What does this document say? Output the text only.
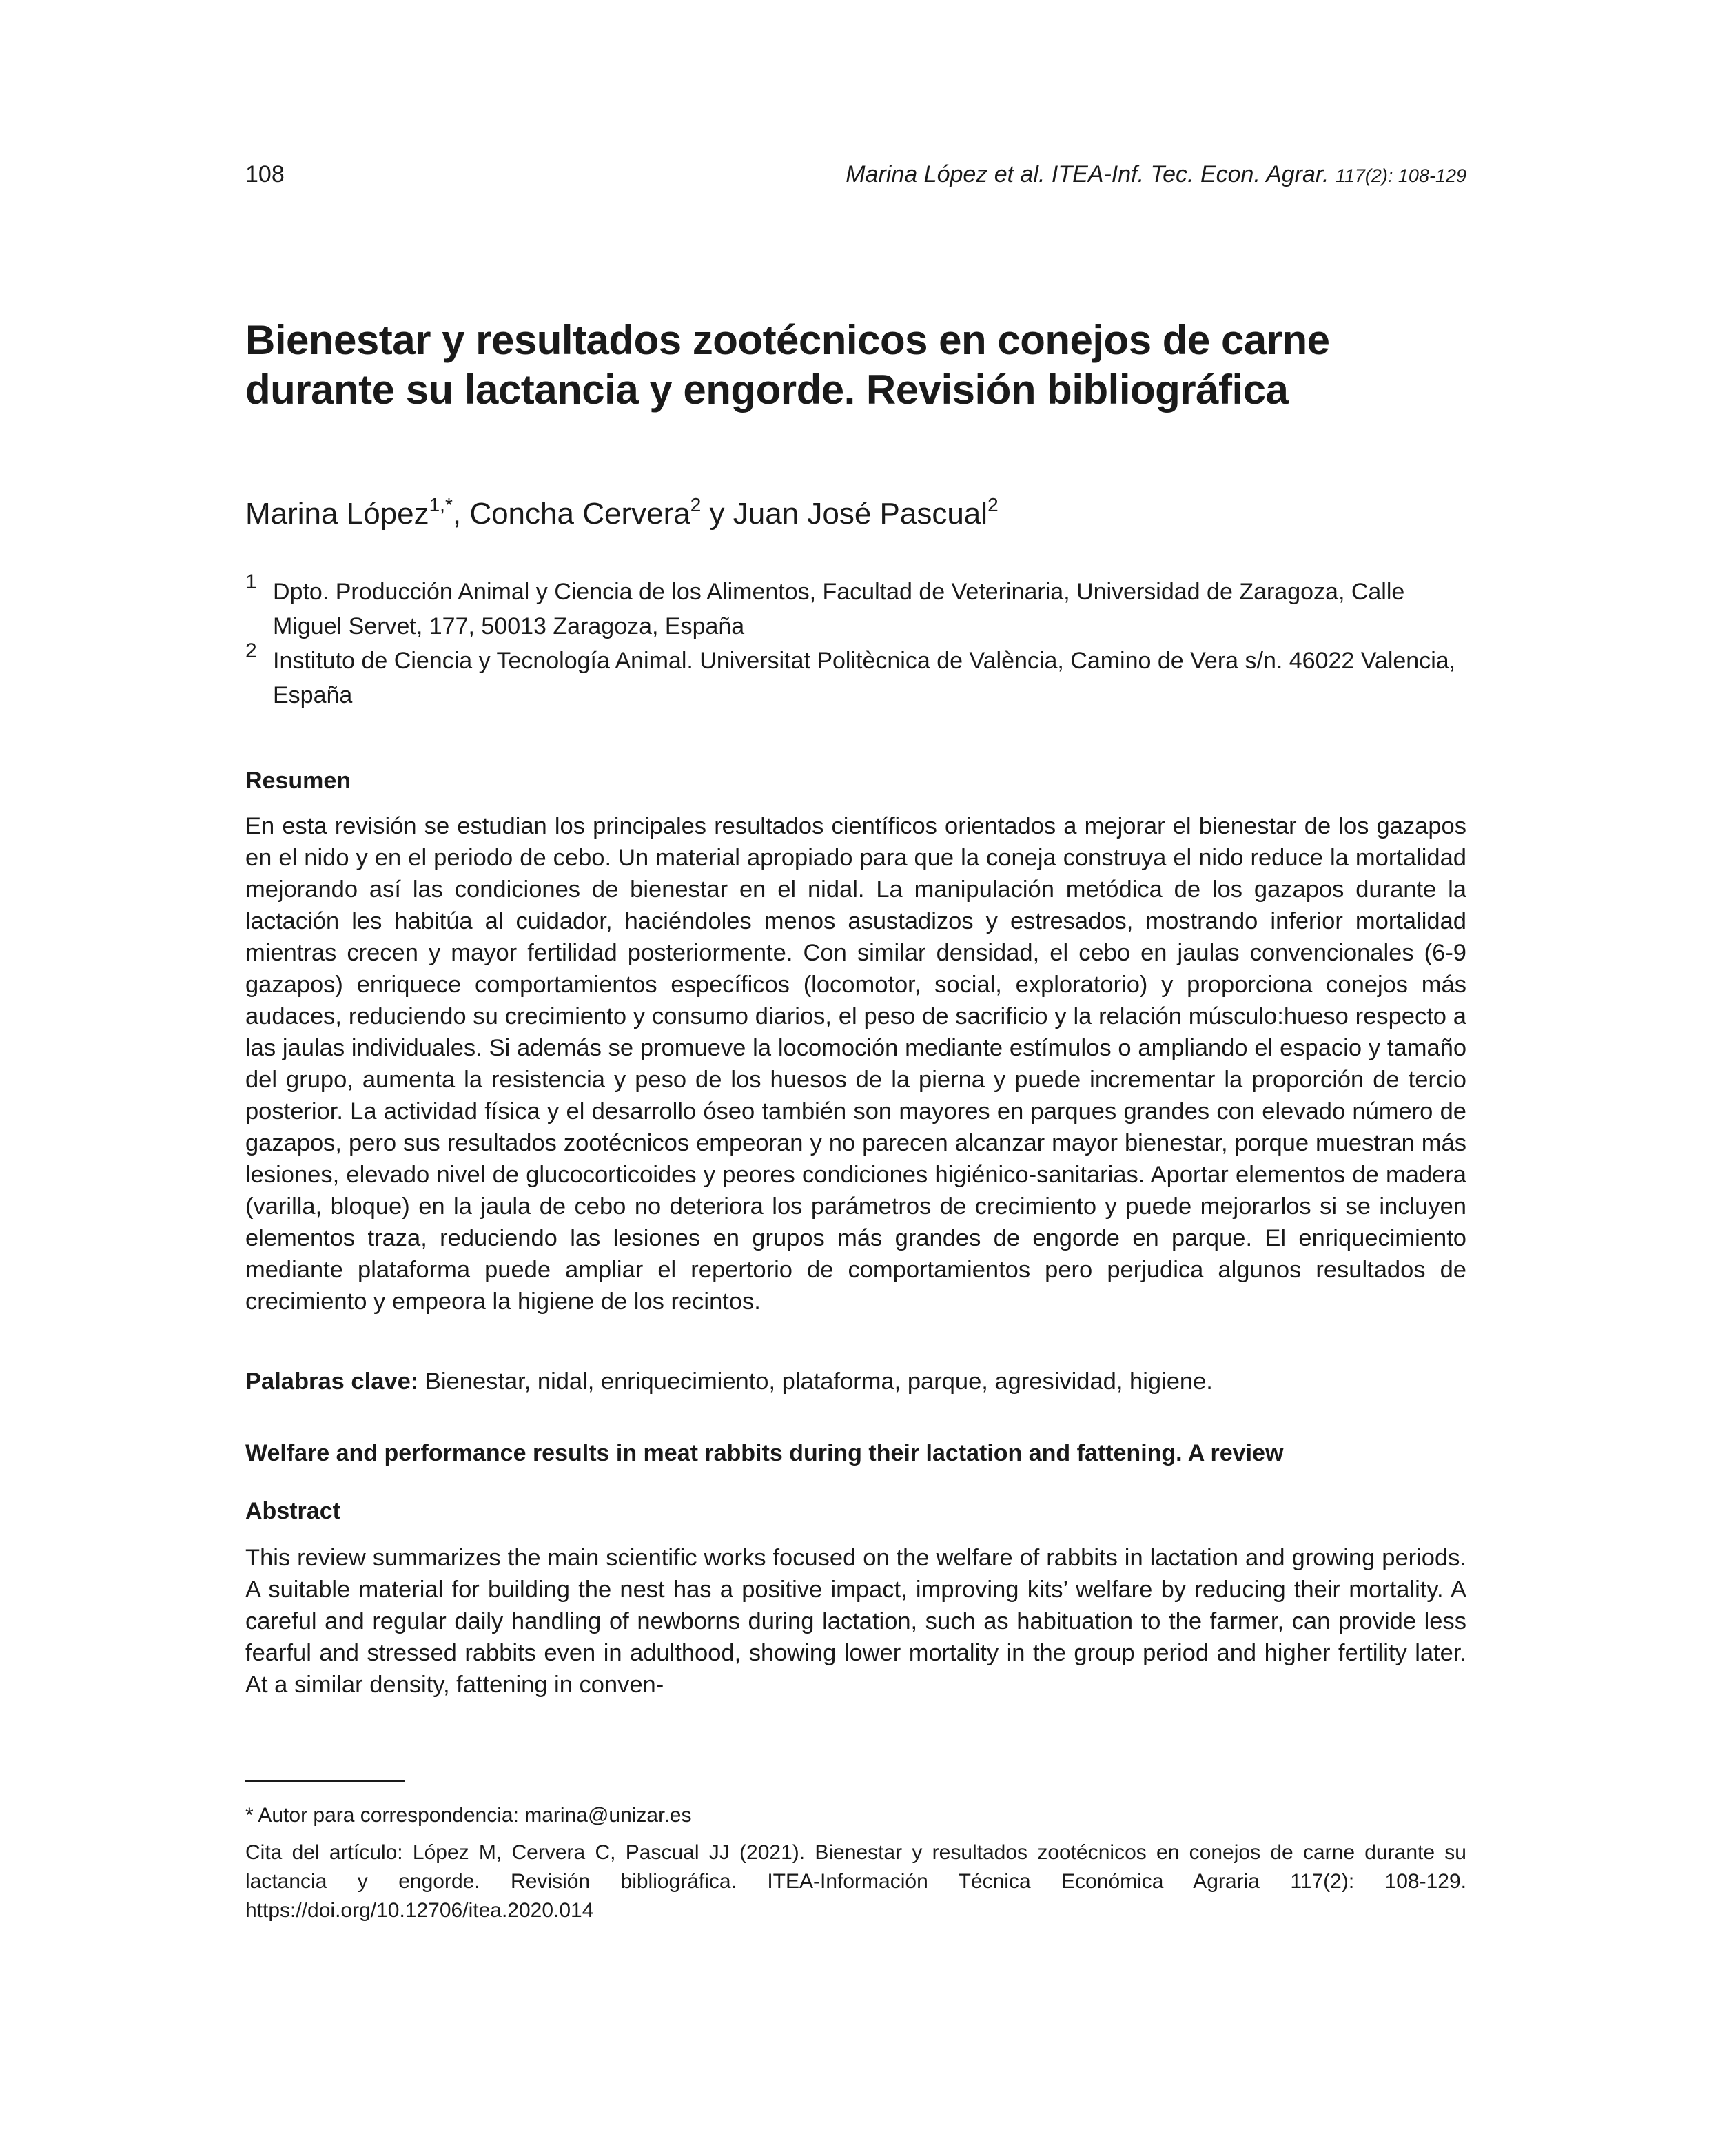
108	Marina López et al. ITEA-Inf. Tec. Econ. Agrar. 117(2): 108-129
Bienestar y resultados zootécnicos en conejos de carne durante su lactancia y engorde. Revisión bibliográfica
Marina López$^{1,*}$, Concha Cervera$^2$ y Juan José Pascual$^2$
1 Dpto. Producción Animal y Ciencia de los Alimentos, Facultad de Veterinaria, Universidad de Zaragoza, Calle Miguel Servet, 177, 50013 Zaragoza, España
2 Instituto de Ciencia y Tecnología Animal. Universitat Politècnica de València, Camino de Vera s/n. 46022 Valencia, España
Resumen
En esta revisión se estudian los principales resultados científicos orientados a mejorar el bienestar de los gazapos en el nido y en el periodo de cebo. Un material apropiado para que la coneja construya el nido reduce la mortalidad mejorando así las condiciones de bienestar en el nidal. La manipulación metódica de los gazapos durante la lactación les habitúa al cuidador, haciéndoles menos asustadizos y estresados, mostrando inferior mortalidad mientras crecen y mayor fertilidad posteriormente. Con similar densidad, el cebo en jaulas convencionales (6-9 gazapos) enriquece comportamientos específicos (locomotor, social, exploratorio) y proporciona conejos más audaces, reduciendo su crecimiento y consumo diarios, el peso de sacrificio y la relación músculo:hueso respecto a las jaulas individuales. Si además se promueve la locomoción mediante estímulos o ampliando el espacio y tamaño del grupo, aumenta la resistencia y peso de los huesos de la pierna y puede incrementar la proporción de tercio posterior. La actividad física y el desarrollo óseo también son mayores en parques grandes con elevado número de gazapos, pero sus resultados zootécnicos empeoran y no parecen alcanzar mayor bienestar, porque muestran más lesiones, elevado nivel de glucocorticoides y peores condiciones higiénico-sanitarias. Aportar elementos de madera (varilla, bloque) en la jaula de cebo no deteriora los parámetros de crecimiento y puede mejorarlos si se incluyen elementos traza, reduciendo las lesiones en grupos más grandes de engorde en parque. El enriquecimiento mediante plataforma puede ampliar el repertorio de comportamientos pero perjudica algunos resultados de crecimiento y empeora la higiene de los recintos.
Palabras clave: Bienestar, nidal, enriquecimiento, plataforma, parque, agresividad, higiene.
Welfare and performance results in meat rabbits during their lactation and fattening. A review
Abstract
This review summarizes the main scientific works focused on the welfare of rabbits in lactation and growing periods. A suitable material for building the nest has a positive impact, improving kits’ welfare by reducing their mortality. A careful and regular daily handling of newborns during lactation, such as habituation to the farmer, can provide less fearful and stressed rabbits even in adulthood, showing lower mortality in the group period and higher fertility later. At a similar density, fattening in conven-
* Autor para correspondencia: marina@unizar.es
Cita del artículo: López M, Cervera C, Pascual JJ (2021). Bienestar y resultados zootécnicos en conejos de carne durante su lactancia y engorde. Revisión bibliográfica. ITEA-Información Técnica Económica Agraria 117(2): 108-129. https://doi.org/10.12706/itea.2020.014
